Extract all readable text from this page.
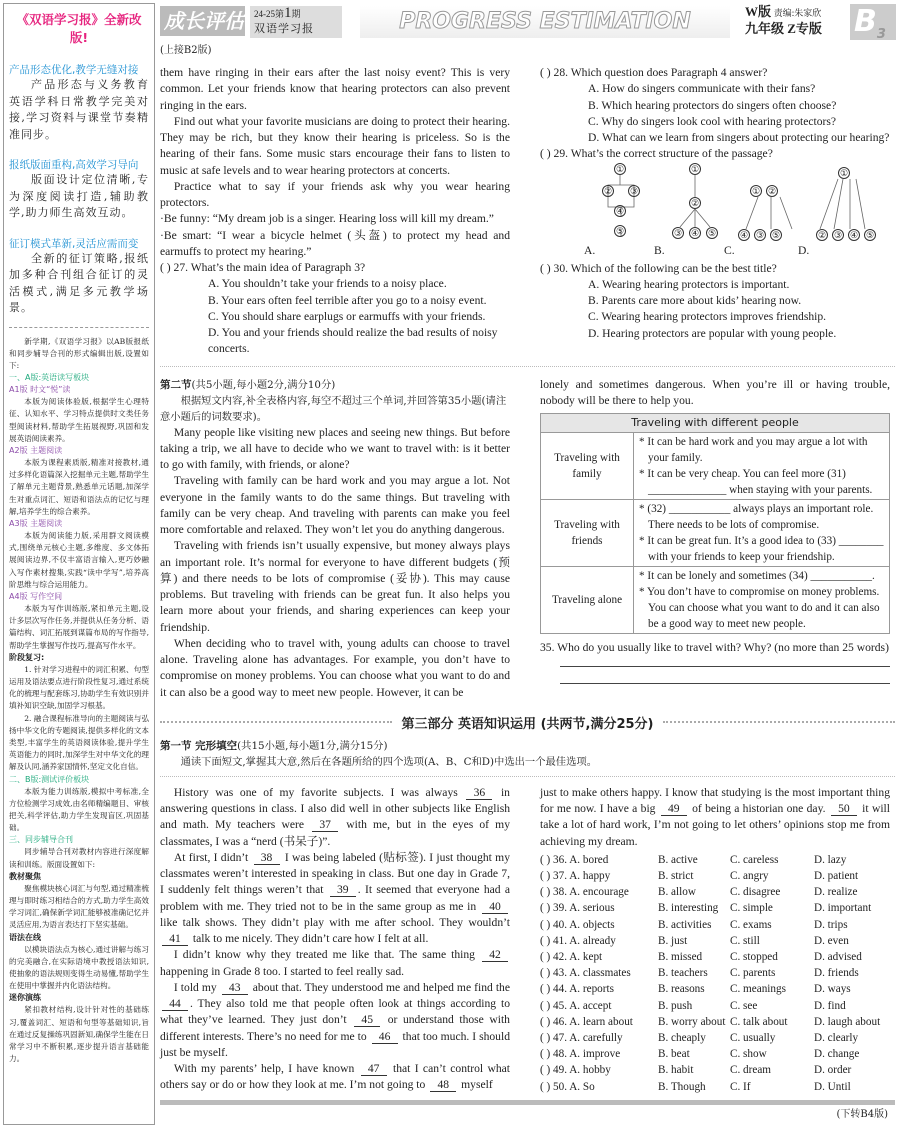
《双语学习报》全新改版!
产品形态优化,教学无缝对接
产品形态与义务教育英语学科日常教学完美对接,学习资料与课堂节奏精准同步。
报纸版面重构,高效学习导向
版面设计定位清晰,专为深度阅读打造,辅助教学,助力师生高效互动。
征订模式革新,灵活应需而变
全新的征订策略,报纸加多种合刊组合征订的灵活模式,满足多元教学场景。
新学期,《双语学习报》以AB版报纸和同步辅导合刊的形式编辑出版,设置如下:
一、A版:英语读写板块
A1版 时文“悦”读
本版为阅读体验版,根据学生心理特征、认知水平、学习特点提供时文类任务型阅读材料,帮助学生拓展视野,巩固和发展英语阅读素养。
A2版 主题阅读
本版为课程素质版,精准对接教材,通过多样化语篇深入挖掘单元主题,帮助学生了解单元主题背景,熟悉单元话题,加深学生对重点词汇、短语和语法点的记忆与理解,培养学生的综合素养。
A3版 主题阅读
本版为阅读能力版,采用群文阅读模式,围绕单元核心主题,多维度、多文体拓展阅读边界,不仅丰富语言输入,更巧妙融入写作素材搜集,实践“读中学写”,培养高阶思维与综合运用能力。
A4版 写作空间
本版为写作训练版,紧扣单元主题,设计多层次写作任务,并提供从任务分析、语篇结构、词汇拓展到谋篇布局的写作指导,帮助学生掌握写作技巧,提高写作水平。
阶段复习:
1. 针对学习进程中的词汇积累、句型运用及语法要点进行阶段性复习,通过系统化的梳理与配套练习,协助学生有效识别并填补知识空缺,加固学习根基。
2. 融合课程标准导向的主题阅读与弘扬中华文化的专题阅读,提供多样化的文本类型,丰富学生的英语阅读体验,提升学生英语能力的同时,加深学生对中华文化的理解及认同,涵养家国情怀,坚定文化自信。
二、B版:测试评价板块
本版为能力训练版,模拟中考标准,全方位检测学习成效,由名师精编题目、审核把关,科学评估,助力学生发现盲区,巩固基础。
三、同步辅导合刊
同步辅导合刊对教材内容进行深度解读和训练。版面设置如下:
教材聚焦
聚焦模块核心词汇与句型,通过精准梳理与即时练习相结合的方式,助力学生高效学习词汇,确保新学词汇能够被准确记忆并灵活应用,为语言表达打下坚实基础。
语法在线
以模块语法点为核心,通过讲解与练习的完美融合,在实际语境中教授语法知识,使抽象的语法规则变得生动易懂,帮助学生在使用中掌握并内化语法结构。
迷你演练
紧扣教材结构,设计针对性的基础练习,覆盖词汇、短语和句型等基础知识,旨在通过反复操练巩固新知,确保学生能在日常学习中不断积累,逐步提升语言基础能力。
成长评估	24-25第1期
双语学习报	PROGRESS ESTIMATION	W版 责编:朱家欣
九年级 Z专版 $B_3$
(上接B2版)

them have ringing in their ears after the last noisy event? This is very common. Let your friends know that hearing protectors can also prevent ringing in the ears.

Find out what your favorite musicians are doing to protect their hearing. They may be rich, but they know their hearing is priceless. So is the hearing of their fans. Some music stars encourage their fans to listen to music at safe levels and to wear hearing protectors at concerts.

Practice what to say if your friends ask why you wear hearing protectors.

·Be funny: “My dream job is a singer. Hearing loss will kill my dream.”

·Be smart: “I wear a bicycle helmet (头盔) to protect my head and earmuffs to protect my hearing.”

( ) 27. What’s the main idea of Paragraph 3?
A. You shouldn’t take your friends to a noisy place.
B. Your ears often feel terrible after you go to a noisy event.
C. You should share earplugs or earmuffs with your friends.
D. You and your friends should realize the bad results of noisy concerts.
( ) 28. Which question does Paragraph 4 answer?
A. How do singers communicate with their fans?
B. Which hearing protectors do singers often choose?
C. Why do singers look cool with hearing protectors?
D. What can we learn from singers about protecting our hearing?
( ) 29. What’s the correct structure of the passage?
①
② ③
④
⑤
①
②
③ ④ ⑤
① ②
④ ③ ⑤
①
② ③ ④ ⑤
A.	B.	C.	D.
( ) 30. Which of the following can be the best title?
A. Wearing hearing protectors is important.
B. Parents care more about kids’ hearing now.
C. Wearing hearing protectors improves friendship.
D. Hearing protectors are popular with young people.
第二节(共5小题,每小题2分,满分10分)
根据短文内容,补全表格内容,每空不超过三个单词,并回答第35小题(请注意小题后的词数要求)。

Many people like visiting new places and seeing new things. But before taking a trip, we all have to decide who we want to travel with: is it better to go with family, with friends, or alone?

Traveling with family can be hard work and you may argue a lot. Not everyone in the family wants to do the same things. But traveling with family can be very cheap. And traveling with parents can make you feel more comfortable and relaxed. They won’t let you do anything dangerous.

Traveling with friends isn’t usually expensive, but money always plays an important role. It’s normal for everyone to have different budgets (预算) and there needs to be lots of compromise (妥协). This may cause problems. But traveling with friends can be great fun. It also helps you learn more about your friends, and sharing experiences can keep your friendship.

When deciding who to travel with, young adults can choose to travel alone. Traveling alone has advantages. For example, you don’t have to compromise on money problems. You can choose what you want to do and it can also be a good way to meet new people. However, it can be

lonely and sometimes dangerous. When you’re ill or having trouble, nobody will be there to help you.
Traveling with different people	
Traveling with family	* It can be hard work and you may argue a lot with your family.
* It can be very cheap. You can feel more (31) ______________ when staying with your parents.

Traveling with friends	* (32) ___________ always plays an important role. There needs to be lots of compromise.
* It can be great fun. It’s a good idea to (33) ________ with your friends to keep your friendship.

Traveling alone	* It can be lonely and sometimes (34) ___________.
* You don’t have to compromise on money problems. You can choose what you want to do and it can also be a good way to meet new people.
35. Who do you usually like to travel with? Why? (no more than 25 words)
第三部分 英语知识运用 (共两节,满分25分)
第一节 完形填空(共15小题,每小题1分,满分15分)
通读下面短文,掌握其大意,然后在各题所给的四个选项(A、B、C和D)中选出一个最佳选项。

History was one of my favorite subjects. I was always 36 in answering questions in class. I also did well in other subjects like English and math. My teachers were 37 with me, but in the eyes of my classmates, I was a “nerd (书呆子)”.

At first, I didn’t 38 I was being labeled (贴标签). I just thought my classmates weren’t interested in speaking in class. But one day in Grade 7, I suddenly felt things weren’t that 39 . It seemed that everyone had a problem with me. They tried not to be in the same group as me in 40 like talk shows. They didn’t play with me after school. They wouldn’t 41 talk to me nicely. They didn’t care how I felt at all.

I didn’t know why they treated me like that. The same thing 42 happening in Grade 8 too. I started to feel really sad.

I told my 43 about that. They understood me and helped me find the 44 . They also told me that people often look at things according to what they’ve learned. They just don’t 45 or understand those with different interests. There’s no need for me to 46 that too much. I should just be myself.

With my parents’ help, I have known 47 that I can’t control what others say or do or how they look at me. I’m not going to 48 myself

just to make others happy. I know that studying is the most important thing for me now. I have a big 49 of being a historian one day. 50 it will take a lot of hard work, I’m not going to let others’ opinions stop me from achieving my dream.

( ) 36. A. bored	B. active	C. careless	D. lazy
( ) 37. A. happy	B. strict	C. angry	D. patient
( ) 38. A. encourage	B. allow	C. disagree	D. realize
( ) 39. A. serious	B. interesting	C. simple	D. important
( ) 40. A. objects	B. activities	C. exams	D. trips
( ) 41. A. already	B. just	C. still	D. even
( ) 42. A. kept	B. missed	C. stopped	D. advised
( ) 43. A. classmates	B. teachers	C. parents	D. friends
( ) 44. A. reports	B. reasons	C. meanings	D. ways
( ) 45. A. accept	B. push	C. see	D. find
( ) 46. A. learn about	B. worry about C. talk about	D. laugh about
( ) 47. A. carefully	B. cheaply	C. usually	D. clearly
( ) 48. A. improve	B. beat	C. show	D. change
( ) 49. A. hobby	B. habit	C. dream	D. order
( ) 50. A. So	B. Though	C. If	D. Until
(下转B4版)
